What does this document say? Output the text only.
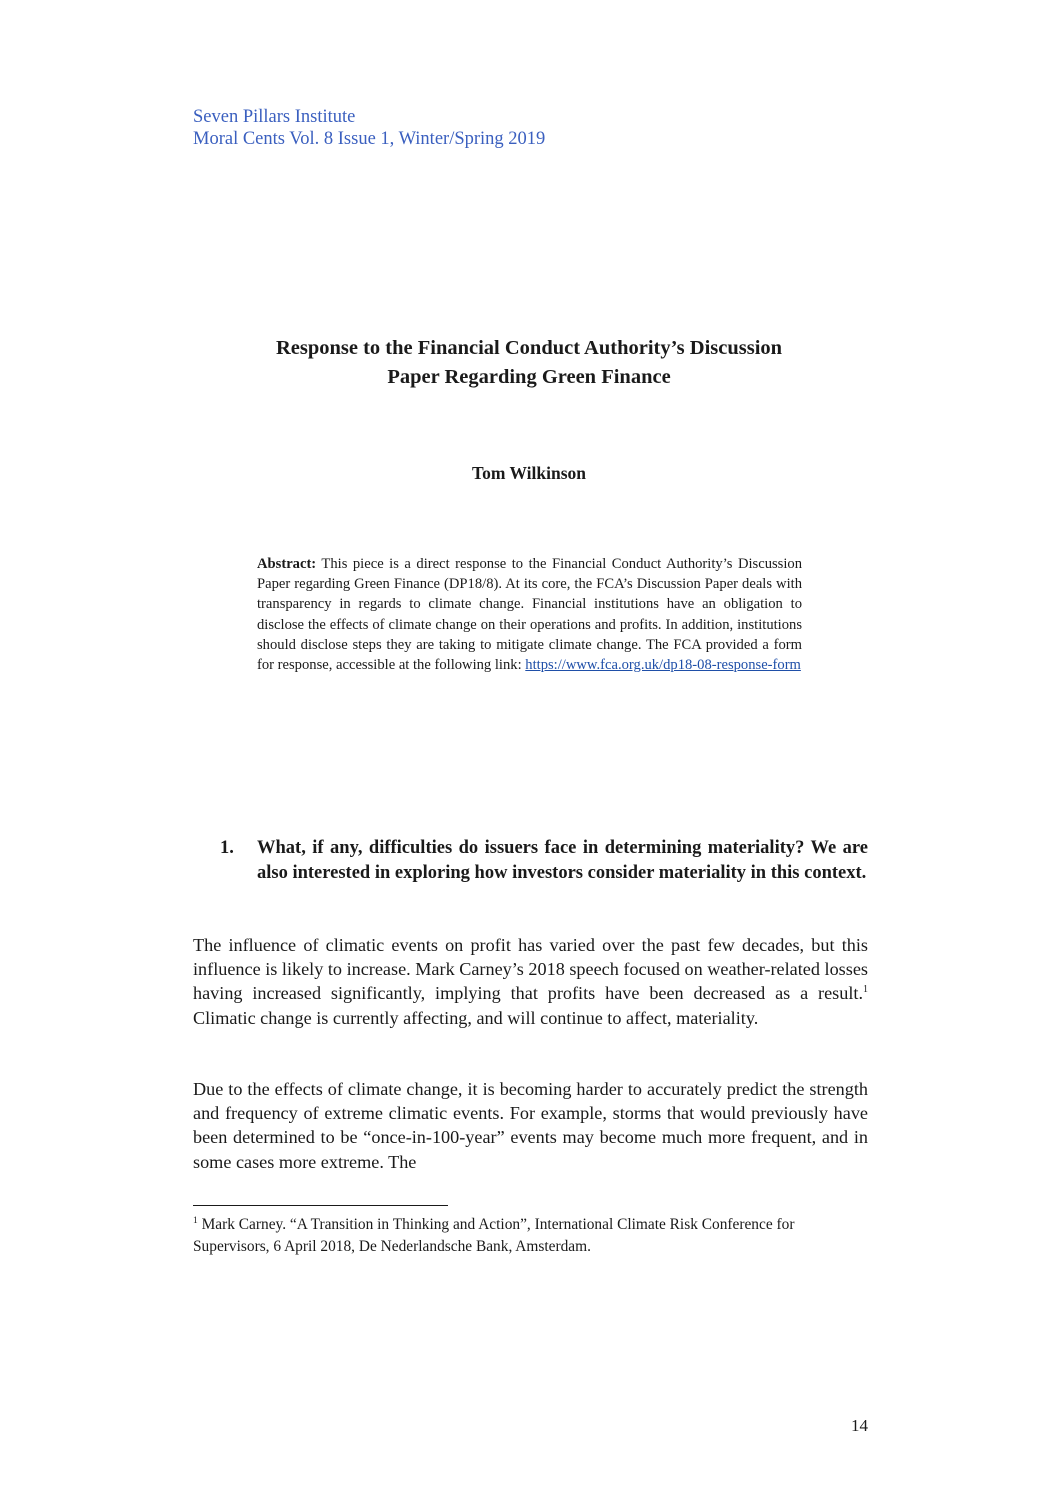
Seven Pillars Institute
Moral Cents Vol. 8 Issue 1, Winter/Spring 2019
Response to the Financial Conduct Authority’s Discussion
Paper Regarding Green Finance
Tom Wilkinson
Abstract: This piece is a direct response to the Financial Conduct Authority’s Discussion Paper regarding Green Finance (DP18/8). At its core, the FCA’s Discussion Paper deals with transparency in regards to climate change. Financial institutions have an obligation to disclose the effects of climate change on their operations and profits. In addition, institutions should disclose steps they are taking to mitigate climate change. The FCA provided a form for response, accessible at the following link: https://www.fca.org.uk/dp18-08-response-form
1.	What, if any, difficulties do issuers face in determining materiality? We are also interested in exploring how investors consider materiality in this context.

The influence of climatic events on profit has varied over the past few decades, but this influence is likely to increase. Mark Carney’s 2018 speech focused on weather-related losses having increased significantly, implying that profits have been decreased as a result.$^1$ Climatic change is currently affecting, and will continue to affect, materiality.

Due to the effects of climate change, it is becoming harder to accurately predict the strength and frequency of extreme climatic events. For example, storms that would previously have been determined to be “once-in-100-year” events may become much more frequent, and in some cases more extreme. The

$^1$ Mark Carney. “A Transition in Thinking and Action”, International Climate Risk Conference for Supervisors, 6 April 2018, De Nederlandsche Bank, Amsterdam.
14
